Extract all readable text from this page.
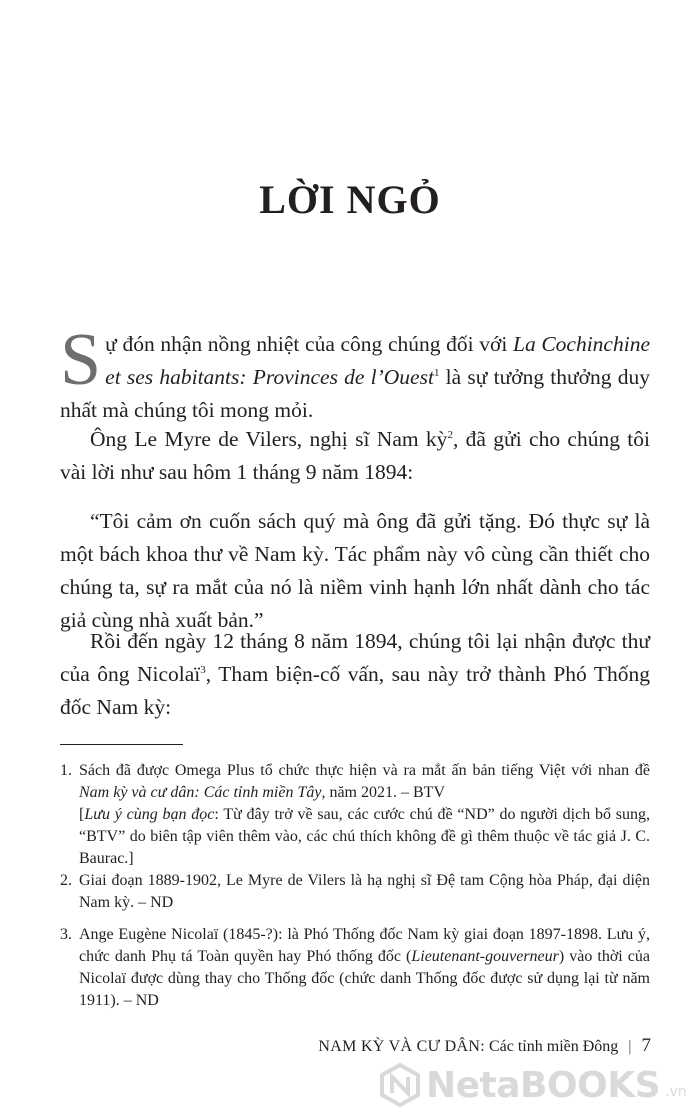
LỜI NGỎ

Sự đón nhận nồng nhiệt của công chúng đối với La Cochinchine et ses habitants: Provinces de l’Ouest$^1$ là sự tưởng thưởng duy nhất mà chúng tôi mong mỏi.

Ông Le Myre de Vilers, nghị sĩ Nam kỳ$^2$, đã gửi cho chúng tôi vài lời như sau hôm 1 tháng 9 năm 1894:

“Tôi cảm ơn cuốn sách quý mà ông đã gửi tặng. Đó thực sự là một bách khoa thư về Nam kỳ. Tác phẩm này vô cùng cần thiết cho chúng ta, sự ra mắt của nó là niềm vinh hạnh lớn nhất dành cho tác giả cùng nhà xuất bản.”

Rồi đến ngày 12 tháng 8 năm 1894, chúng tôi lại nhận được thư của ông Nicolaï$^3$, Tham biện-cố vấn, sau này trở thành Phó Thống đốc Nam kỳ:

1. Sách đã được Omega Plus tổ chức thực hiện và ra mắt ấn bản tiếng Việt với nhan đề Nam kỳ và cư dân: Các tỉnh miền Tây, năm 2021. – BTV
[Lưu ý cùng bạn đọc: Từ đây trở về sau, các cước chú đề “ND” do người dịch bổ sung, “BTV” do biên tập viên thêm vào, các chú thích không đề gì thêm thuộc về tác giả J. C. Baurac.]
2. Giai đoạn 1889-1902, Le Myre de Vilers là hạ nghị sĩ Đệ tam Cộng hòa Pháp, đại diện Nam kỳ. – ND
3. Ange Eugène Nicolaï (1845-?): là Phó Thống đốc Nam kỳ giai đoạn 1897-1898. Lưu ý, chức danh Phụ tá Toàn quyền hay Phó thống đốc (Lieutenant-gouverneur) vào thời của Nicolaï được dùng thay cho Thống đốc (chức danh Thống đốc được sử dụng lại từ năm 1911). – ND
NAM KỲ VÀ CƯ DÂN: Các tỉnh miền Đông | 7
NetaBOOKS .vn
